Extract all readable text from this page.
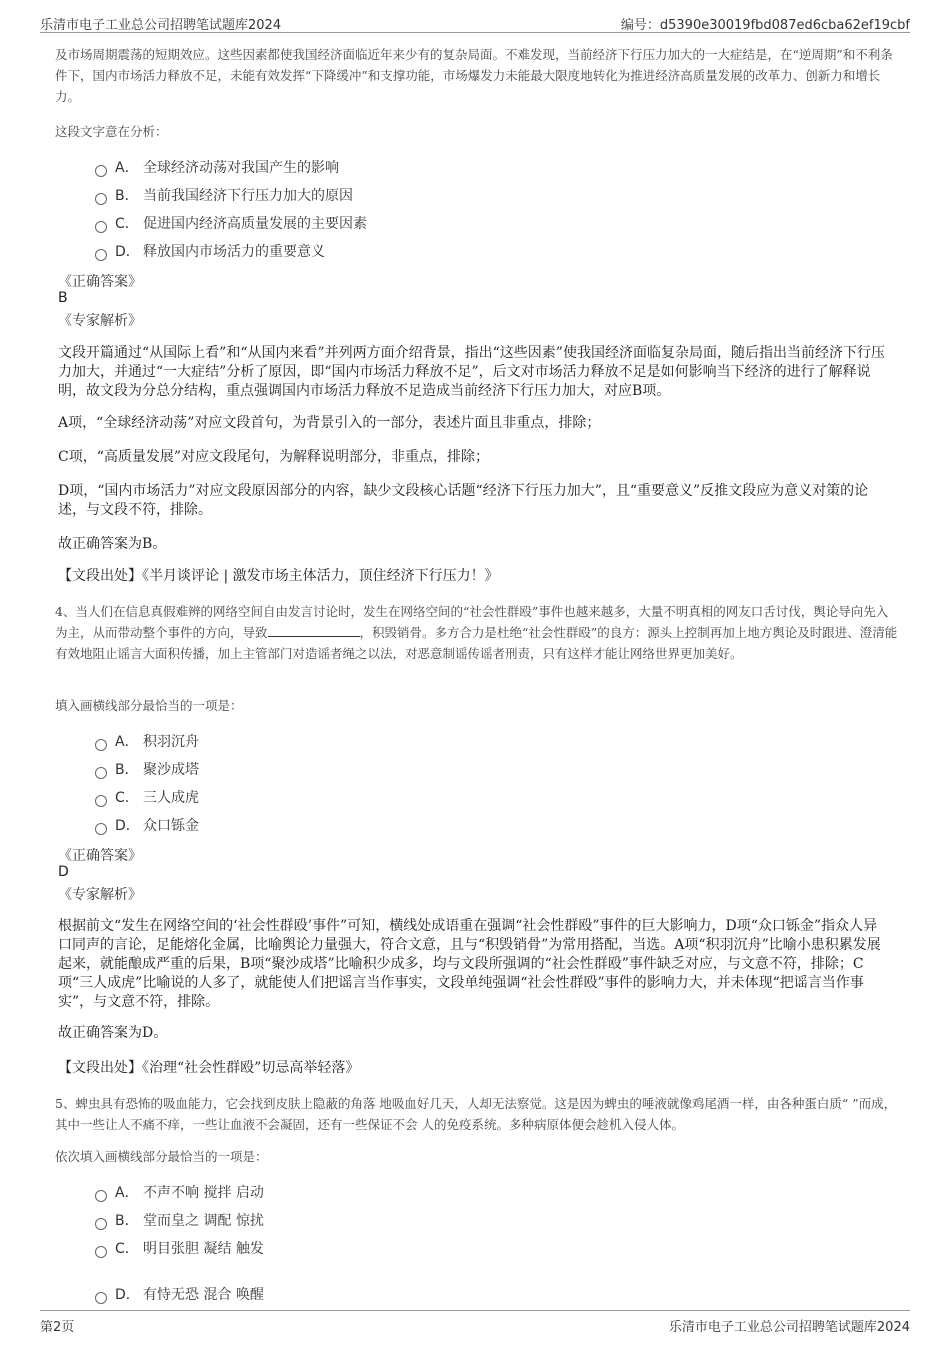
乐清市电子工业总公司招聘笔试题库2024	编号：d5390e30019fbd087ed6cba62ef19cbf
及市场周期震荡的短期效应。这些因素都使我国经济面临近年来少有的复杂局面。不难发现，当前经济下行压力加大的一大症结是，在“逆周期”和不利条件下，国内市场活力释放不足，未能有效发挥“下降缓冲”和支撑功能，市场爆发力未能最大限度地转化为推进经济高质量发展的改革力、创新力和增长力。
这段文字意在分析：
A． 全球经济动荡对我国产生的影响
B． 当前我国经济下行压力加大的原因
C． 促进国内经济高质量发展的主要因素
D． 释放国内市场活力的重要意义
《正确答案》
B
《专家解析》
文段开篇通过“从国际上看”和“从国内来看”并列两方面介绍背景，指出“这些因素”使我国经济面临复杂局面，随后指出当前经济下行压力加大，并通过“一大症结”分析了原因，即“国内市场活力释放不足”，后文对市场活力释放不足是如何影响当下经济的进行了解释说明，故文段为分总分结构，重点强调国内市场活力释放不足造成当前经济下行压力加大，对应B项。
A项，“全球经济动荡”对应文段首句，为背景引入的一部分，表述片面且非重点，排除；
C项，“高质量发展”对应文段尾句，为解释说明部分，非重点，排除；
D项，“国内市场活力”对应文段原因部分的内容，缺少文段核心话题“经济下行压力加大”，且“重要意义”反推文段应为意义对策的论述，与文段不符，排除。
故正确答案为B。
【文段出处】《半月谈评论 | 激发市场主体活力，顶住经济下行压力！》
4、当人们在信息真假难辨的网络空间自由发言讨论时，发生在网络空间的“社会性群殴”事件也越来越多，大量不明真相的网友口舌讨伐，舆论导向先入为主，从而带动整个事件的方向，导致	，积毁销骨。多方合力是杜绝“社会性群殴”的良方：源头上控制再加上地方舆论及时跟进、澄清能有效地阻止谣言大面积传播，加上主管部门对造谣者绳之以法，对恶意制谣传谣者刑责，只有这样才能让网络世界更加美好。
填入画横线部分最恰当的一项是：
A． 积羽沉舟
B． 聚沙成塔
C． 三人成虎
D． 众口铄金
《正确答案》
D
《专家解析》
根据前文“发生在网络空间的‘社会性群殴’事件”可知，横线处成语重在强调“社会性群殴”事件的巨大影响力，D项“众口铄金”指众人异口同声的言论，足能熔化金属，比喻舆论力量强大，符合文意，且与“积毁销骨”为常用搭配，当选。A项“积羽沉舟”比喻小患积累发展起来，就能酿成严重的后果，B项“聚沙成塔”比喻积少成多，均与文段所强调的“社会性群殴”事件缺乏对应，与文意不符，排除；C项“三人成虎”比喻说的人多了，就能使人们把谣言当作事实，文段单纯强调“社会性群殴”事件的影响力大，并未体现“把谣言当作事实”，与文意不符，排除。
故正确答案为D。
【文段出处】《治理“社会性群殴”切忌高举轻落》
5、蜱虫具有恐怖的吸血能力，它会找到皮肤上隐蔽的角落 地吸血好几天，人却无法察觉。这是因为蜱虫的唾液就像鸡尾酒一样，由各种蛋白质“ ”而成，其中一些让人不痛不痒，一些让血液不会凝固，还有一些保证不会 人的免疫系统。多种病原体便会趁机入侵人体。
依次填入画横线部分最恰当的一项是：
A． 不声不响 搅拌 启动
B． 堂而皇之 调配 惊扰
C． 明目张胆 凝结 触发
D． 有恃无恐 混合 唤醒
第2页	乐清市电子工业总公司招聘笔试题库2024
